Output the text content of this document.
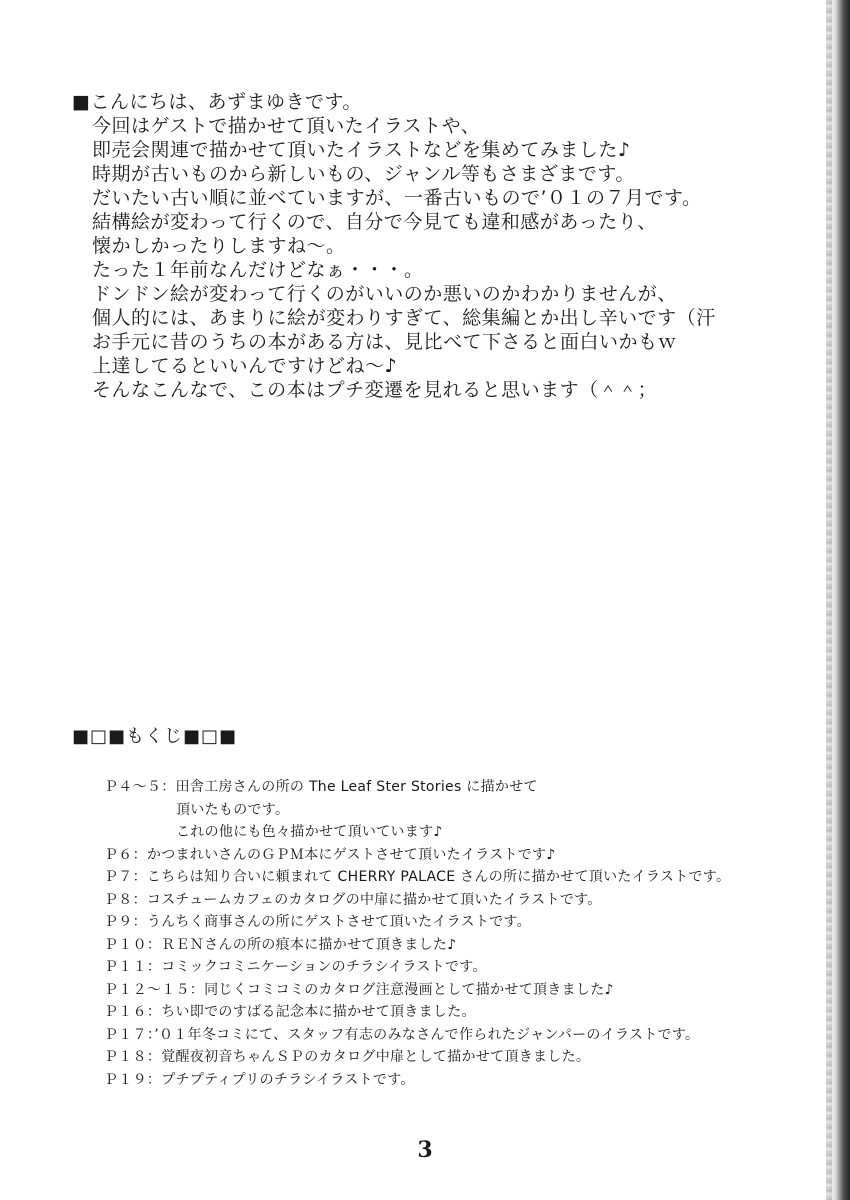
■こんにちは、あずまゆきです。
今回はゲストで描かせて頂いたイラストや、
即売会関連で描かせて頂いたイラストなどを集めてみました♪
時期が古いものから新しいもの、ジャンル等もさまざまです。
だいたい古い順に並べていますが、一番古いもので’０１の７月です。
結構絵が変わって行くので、自分で今見ても違和感があったり、
懐かしかったりしますね～。
たった１年前なんだけどなぁ・・・。
ドンドン絵が変わって行くのがいいのか悪いのかわかりませんが、
個人的には、あまりに絵が変わりすぎて、総集編とか出し辛いです（汗
お手元に昔のうちの本がある方は、見比べて下さると面白いかもｗ
上達してるといいんですけどね～♪
そんなこんなで、この本はプチ変遷を見れると思います（＾＾；
■□■もくじ■□■
Ｐ４～５：田舎工房さんの所の The Leaf Ster Stories に描かせて
頂いたものです。
これの他にも色々描かせて頂いています♪
Ｐ６：かつまれいさんのＧＰＭ本にゲストさせて頂いたイラストです♪
Ｐ７：こちらは知り合いに頼まれて CHERRY PALACE さんの所に描かせて頂いたイラストです。
Ｐ８：コスチュームカフェのカタログの中扉に描かせて頂いたイラストです。
Ｐ９：うんちく商事さんの所にゲストさせて頂いたイラストです。
Ｐ１０：ＲＥＮさんの所の痕本に描かせて頂きました♪
Ｐ１１：コミックコミニケーションのチラシイラストです。
Ｐ１２～１５：同じくコミコミのカタログ注意漫画として描かせて頂きました♪
Ｐ１６：ちい即でのすばる記念本に描かせて頂きました。
Ｐ１７：’０１年冬コミにて、スタッフ有志のみなさんで作られたジャンパーのイラストです。
Ｐ１８：覚醒夜初音ちゃんＳＰのカタログ中扉として描かせて頂きました。
Ｐ１９：プチプティプリのチラシイラストです。
3
